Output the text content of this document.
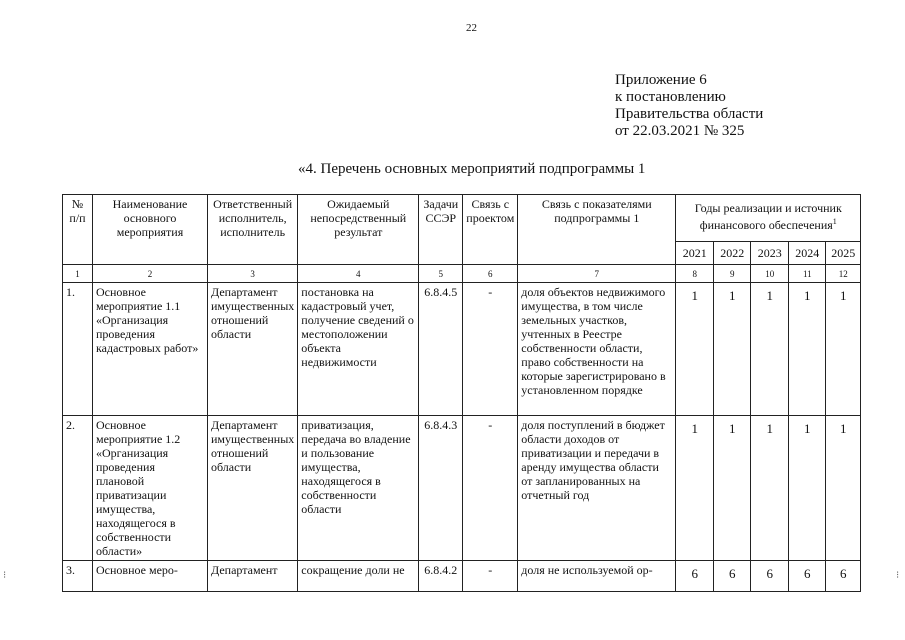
22
Приложение 6
к постановлению
Правительства области
от 22.03.2021 № 325
«4. Перечень основных мероприятий подпрограммы 1
№ п/п	Наименование основного мероприятия	Ответственный исполнитель, исполнитель	Ожидаемый непосредственный результат	Задачи ССЭР	Связь с проектом	Связь с показателями подпрограммы 1	Годы реализации и источник финансового обеспечения$^1$
							2021	2022	2023	2024	2025
1	2	3	4	5	6	7	8	9	10	11	12
1.	Основное мероприятие 1.1 «Организация проведения кадастровых работ»	Департамент имущественных отношений области	постановка на кадастровый учет, получение сведений о местоположении объекта недвижимости	6.8.4.5	-	доля объектов недвижимого имущества, в том числе земельных участков, учтенных в Реестре собственности области, право собственности на которые зарегистрировано в установленном порядке	1	1	1	1	1
2.	Основное мероприятие 1.2 «Организация проведения плановой приватизации имущества, находящегося в собственности области»	Департамент имущественных отношений области	приватизация, передача во владение и пользование имущества, находящегося в собственности области	6.8.4.3	-	доля поступлений в бюджет области доходов от приватизации и передачи в аренду имущества области от запланированных на отчетный год	1	1	1	1	1
3.	Основное меро-	Департамент	сокращение доли не	6.8.4.2	-	доля не используемой ор-	6	6	6	6	6
⁝	⁝
